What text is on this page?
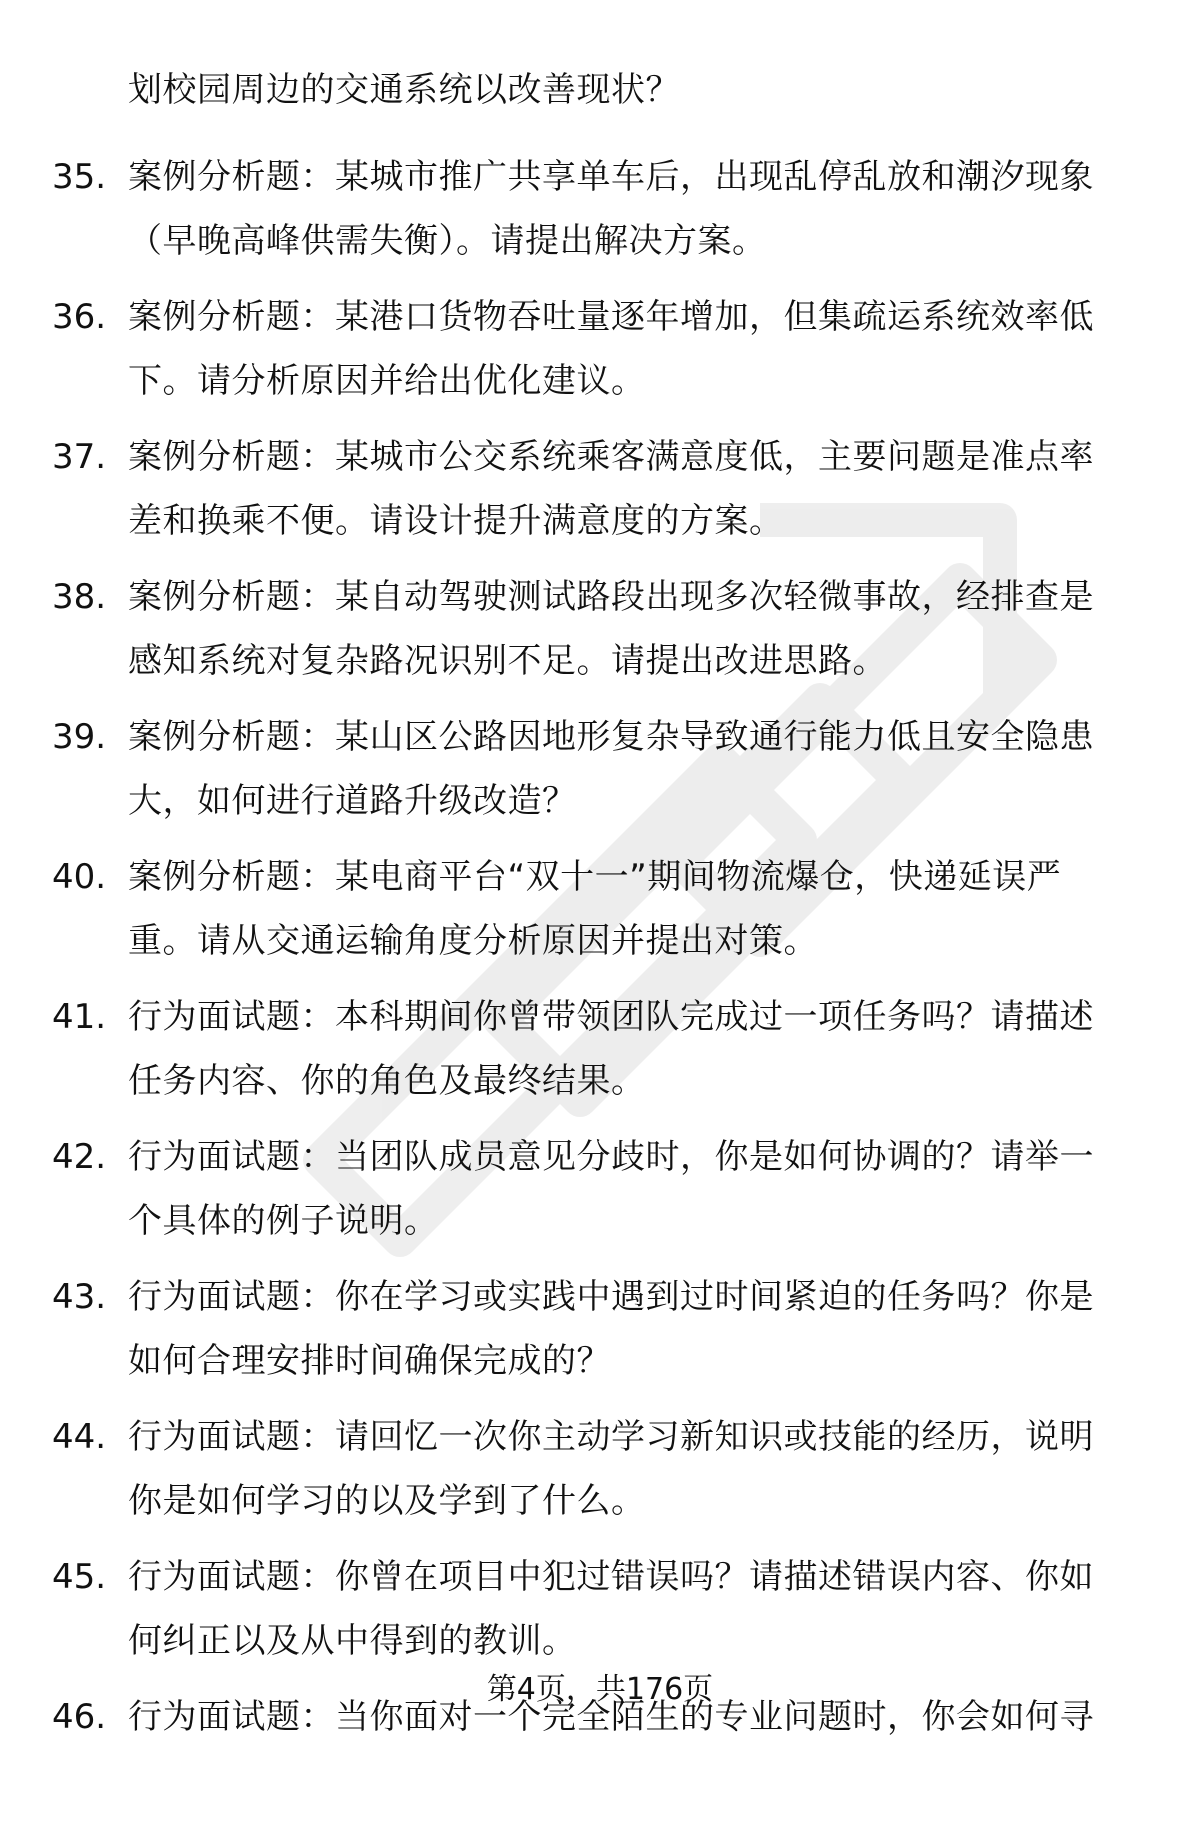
划校园周边的交通系统以改善现状？
35. 案例分析题：某城市推广共享单车后，出现乱停乱放和潮汐现象
（早晚高峰供需失衡）。请提出解决方案。
36. 案例分析题：某港口货物吞吐量逐年增加，但集疏运系统效率低
下。请分析原因并给出优化建议。
37. 案例分析题：某城市公交系统乘客满意度低，主要问题是准点率
差和换乘不便。请设计提升满意度的方案。
38. 案例分析题：某自动驾驶测试路段出现多次轻微事故，经排查是
感知系统对复杂路况识别不足。请提出改进思路。
39. 案例分析题：某山区公路因地形复杂导致通行能力低且安全隐患
大，如何进行道路升级改造？
40. 案例分析题：某电商平台“双十一”期间物流爆仓，快递延误严
重。请从交通运输角度分析原因并提出对策。
41. 行为面试题：本科期间你曾带领团队完成过一项任务吗？请描述
任务内容、你的角色及最终结果。
42. 行为面试题：当团队成员意见分歧时，你是如何协调的？请举一
个具体的例子说明。
43. 行为面试题：你在学习或实践中遇到过时间紧迫的任务吗？你是
如何合理安排时间确保完成的？
44. 行为面试题：请回忆一次你主动学习新知识或技能的经历，说明
你是如何学习的以及学到了什么。
45. 行为面试题：你曾在项目中犯过错误吗？请描述错误内容、你如
何纠正以及从中得到的教训。
46. 行为面试题：当你面对一个完全陌生的专业问题时，你会如何寻
第4页，共176页
